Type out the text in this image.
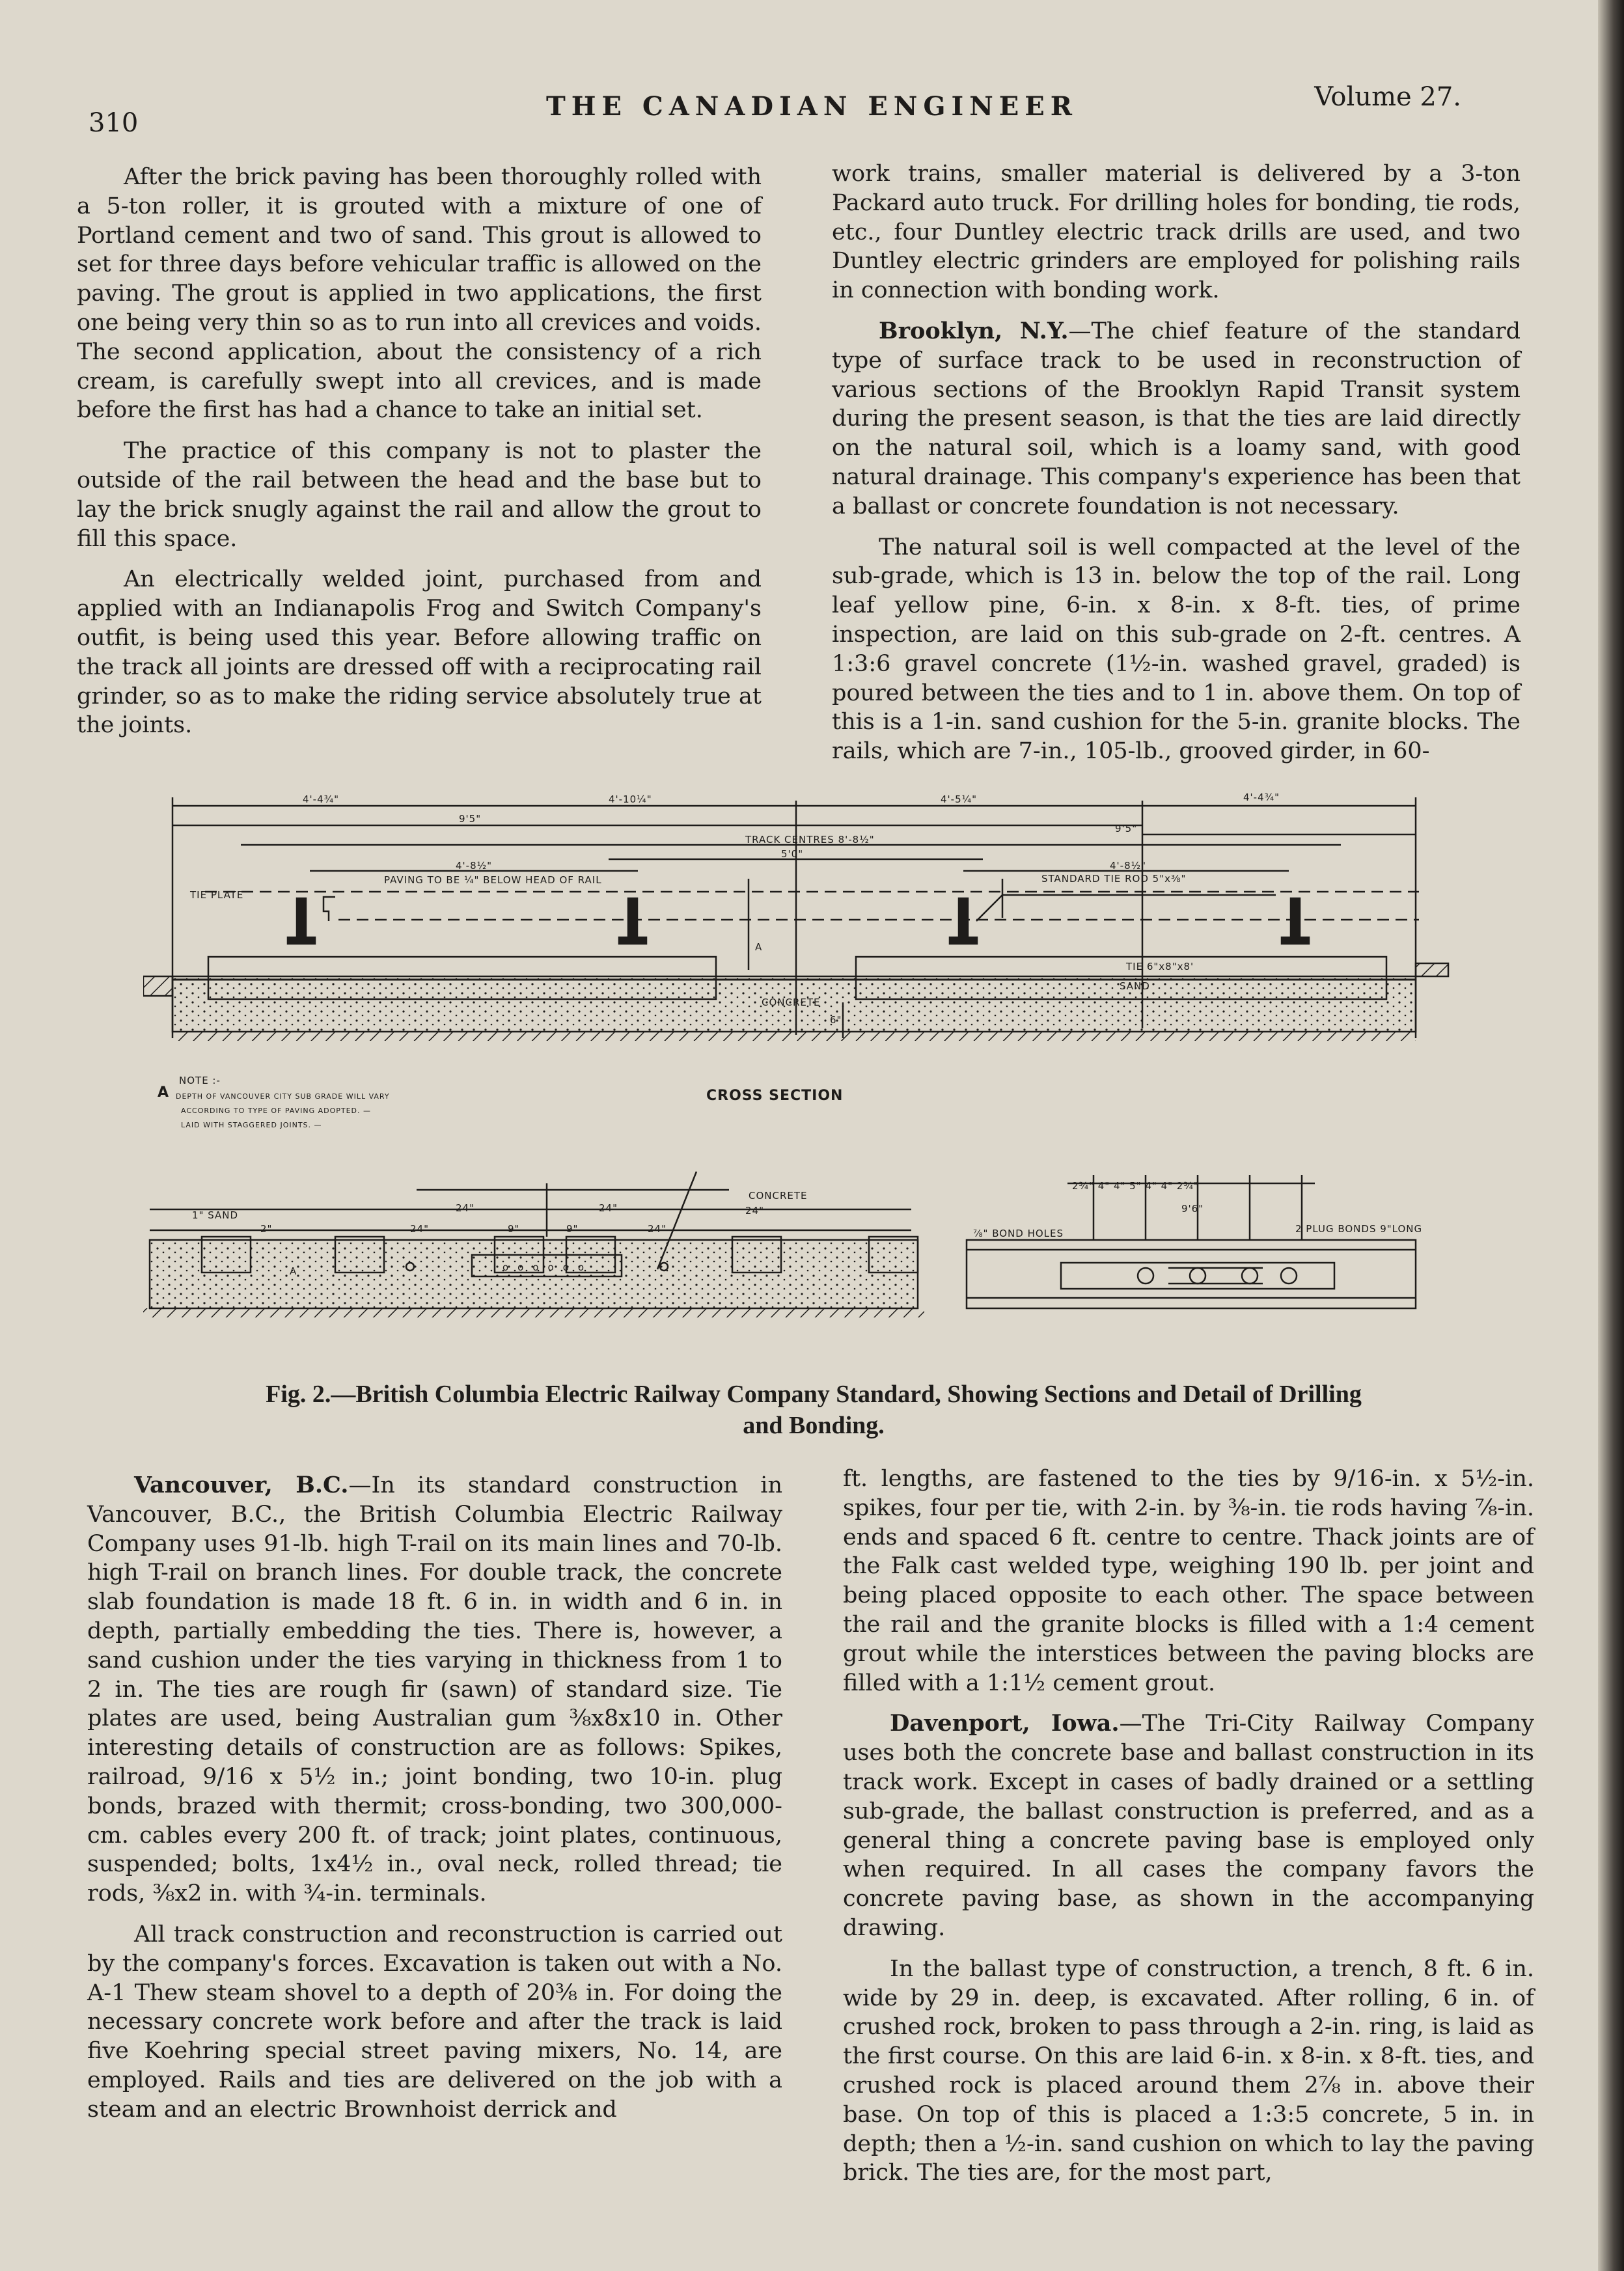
310
THE CANADIAN ENGINEER	Volume 27.

After the brick paving has been thoroughly rolled with a 5-ton roller, it is grouted with a mixture of one of Portland cement and two of sand. This grout is allowed to set for three days before vehicular traffic is allowed on the paving. The grout is applied in two applications, the first one being very thin so as to run into all crevices and voids. The second application, about the consistency of a rich cream, is carefully swept into all crevices, and is made before the first has had a chance to take an initial set.

The practice of this company is not to plaster the outside of the rail between the head and the base but to lay the brick snugly against the rail and allow the grout to fill this space.

An electrically welded joint, purchased from and applied with an Indianapolis Frog and Switch Company's outfit, is being used this year. Before allowing traffic on the track all joints are dressed off with a reciprocating rail grinder, so as to make the riding service absolutely true at the joints.

work trains, smaller material is delivered by a 3-ton Packard auto truck. For drilling holes for bonding, tie rods, etc., four Duntley electric track drills are used, and two Duntley electric grinders are employed for polishing rails in connection with bonding work.

Brooklyn, N.Y.—The chief feature of the standard type of surface track to be used in reconstruction of various sections of the Brooklyn Rapid Transit system during the present season, is that the ties are laid directly on the natural soil, which is a loamy sand, with good natural drainage. This company's experience has been that a ballast or concrete foundation is not necessary.

The natural soil is well compacted at the level of the sub-grade, which is 13 in. below the top of the rail. Long leaf yellow pine, 6-in. x 8-in. x 8-ft. ties, of prime inspection, are laid on this sub-grade on 2-ft. centres. A 1:3:6 gravel concrete (1½-in. washed gravel, graded) is poured between the ties and to 1 in. above them. On top of this is a 1-in. sand cushion for the 5-in. granite blocks. The rails, which are 7-in., 105-lb., grooved girder, in 60-

4'-4¾"	4'-10¼"	4'-5¼"	4'-4¾"
9'5"
9'5"
TRACK CENTRES 8'-8½"
5'0"
4'-8½"	4'-8½"
PAVING TO BE ¼" BELOW HEAD OF RAIL
TIE PLATE
STANDARD TIE ROD 5"x⅜"
TIE 6"x8"x8'
SAND
CONCRETE
6"
A
NOTE :-
DEPTH OF VANCOUVER CITY SUB GRADE WILL VARY
ACCORDING TO TYPE OF PAVING ADOPTED. —
LAID WITH STAGGERED JOINTS. —
CROSS SECTION
A
1" SAND
2"
24"	24"
24"	9"	9"	24"
24"
CONCRETE
A	oooooo
2¾" 4" 4" 5" 4" 4" 2¾"
9'6"
⅞" BOND HOLES	2 PLUG BONDS 9"LONG
Fig. 2.—British Columbia Electric Railway Company Standard, Showing Sections and Detail of Drilling
and Bonding.

Vancouver, B.C.—In its standard construction in Vancouver, B.C., the British Columbia Electric Railway Company uses 91-lb. high T-rail on its main lines and 70-lb. high T-rail on branch lines. For double track, the concrete slab foundation is made 18 ft. 6 in. in width and 6 in. in depth, partially embedding the ties. There is, however, a sand cushion under the ties varying in thickness from 1 to 2 in. The ties are rough fir (sawn) of standard size. Tie plates are used, being Australian gum ⅜x8x10 in. Other interesting details of construction are as follows: Spikes, railroad, 9/16 x 5½ in.; joint bonding, two 10-in. plug bonds, brazed with thermit; cross-bonding, two 300,000-cm. cables every 200 ft. of track; joint plates, continuous, suspended; bolts, 1x4½ in., oval neck, rolled thread; tie rods, ⅜x2 in. with ¾-in. terminals.

All track construction and reconstruction is carried out by the company's forces. Excavation is taken out with a No. A-1 Thew steam shovel to a depth of 20⅜ in. For doing the necessary concrete work before and after the track is laid five Koehring special street paving mixers, No. 14, are employed. Rails and ties are delivered on the job with a steam and an electric Brownhoist derrick and

ft. lengths, are fastened to the ties by 9/16-in. x 5½-in. spikes, four per tie, with 2-in. by ⅜-in. tie rods having ⅞-in. ends and spaced 6 ft. centre to centre. Thack joints are of the Falk cast welded type, weighing 190 lb. per joint and being placed opposite to each other. The space between the rail and the granite blocks is filled with a 1:4 cement grout while the interstices between the paving blocks are filled with a 1:1½ cement grout.

Davenport, Iowa.—The Tri-City Railway Company uses both the concrete base and ballast construction in its track work. Except in cases of badly drained or a settling sub-grade, the ballast construction is preferred, and as a general thing a concrete paving base is employed only when required. In all cases the company favors the concrete paving base, as shown in the accompanying drawing.

In the ballast type of construction, a trench, 8 ft. 6 in. wide by 29 in. deep, is excavated. After rolling, 6 in. of crushed rock, broken to pass through a 2-in. ring, is laid as the first course. On this are laid 6-in. x 8-in. x 8-ft. ties, and crushed rock is placed around them 2⅞ in. above their base. On top of this is placed a 1:3:5 concrete, 5 in. in depth; then a ½-in. sand cushion on which to lay the paving brick. The ties are, for the most part,
